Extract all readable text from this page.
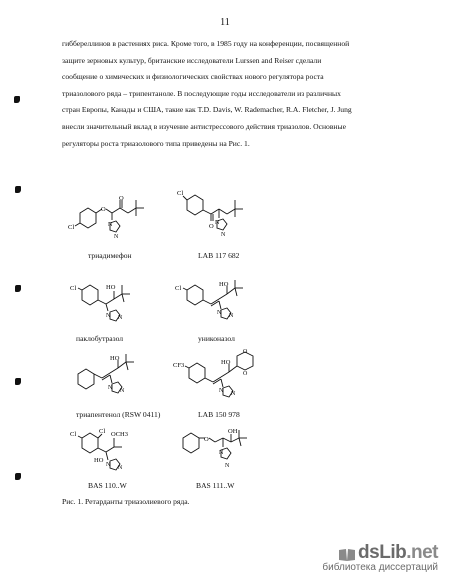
11
гиббереллинов в растениях риса. Кроме того, в 1985 году на конференции, посвященной
защите зерновых культур, британские исследователи Lurssen and Reiser сделали
сообщение о химических и физиологических свойствах нового регулятора роста
триазолового ряда – трипентаноле. В последующие годы исследователи из различных
стран Европы, Канады и США, такие как T.D. Davis, W. Rademacher, R.A. Fletcher, J. Jung
внесли значительный вклад в изучение антистрессового действия триазолов. Основные
регуляторы роста триазолового типа приведены на Рис. 1.
Cl
O
O
N
N
триадимефон
Cl
O N
N
LAB 117 682
Cl	HO
N N
паклобутразол
Cl
HO
N N
униконазол
HO
N N
триапентенол (RSW 0411)
CF3	HO
O
O
N N
LAB 150 978
Cl	Cl OCH3
HO
N N
BAS 110..W
O
OH
N
N
BAS 111..W
Рис. 1. Ретарданты триазолиевого ряда.
dsLib.net
библиотека диссертаций
